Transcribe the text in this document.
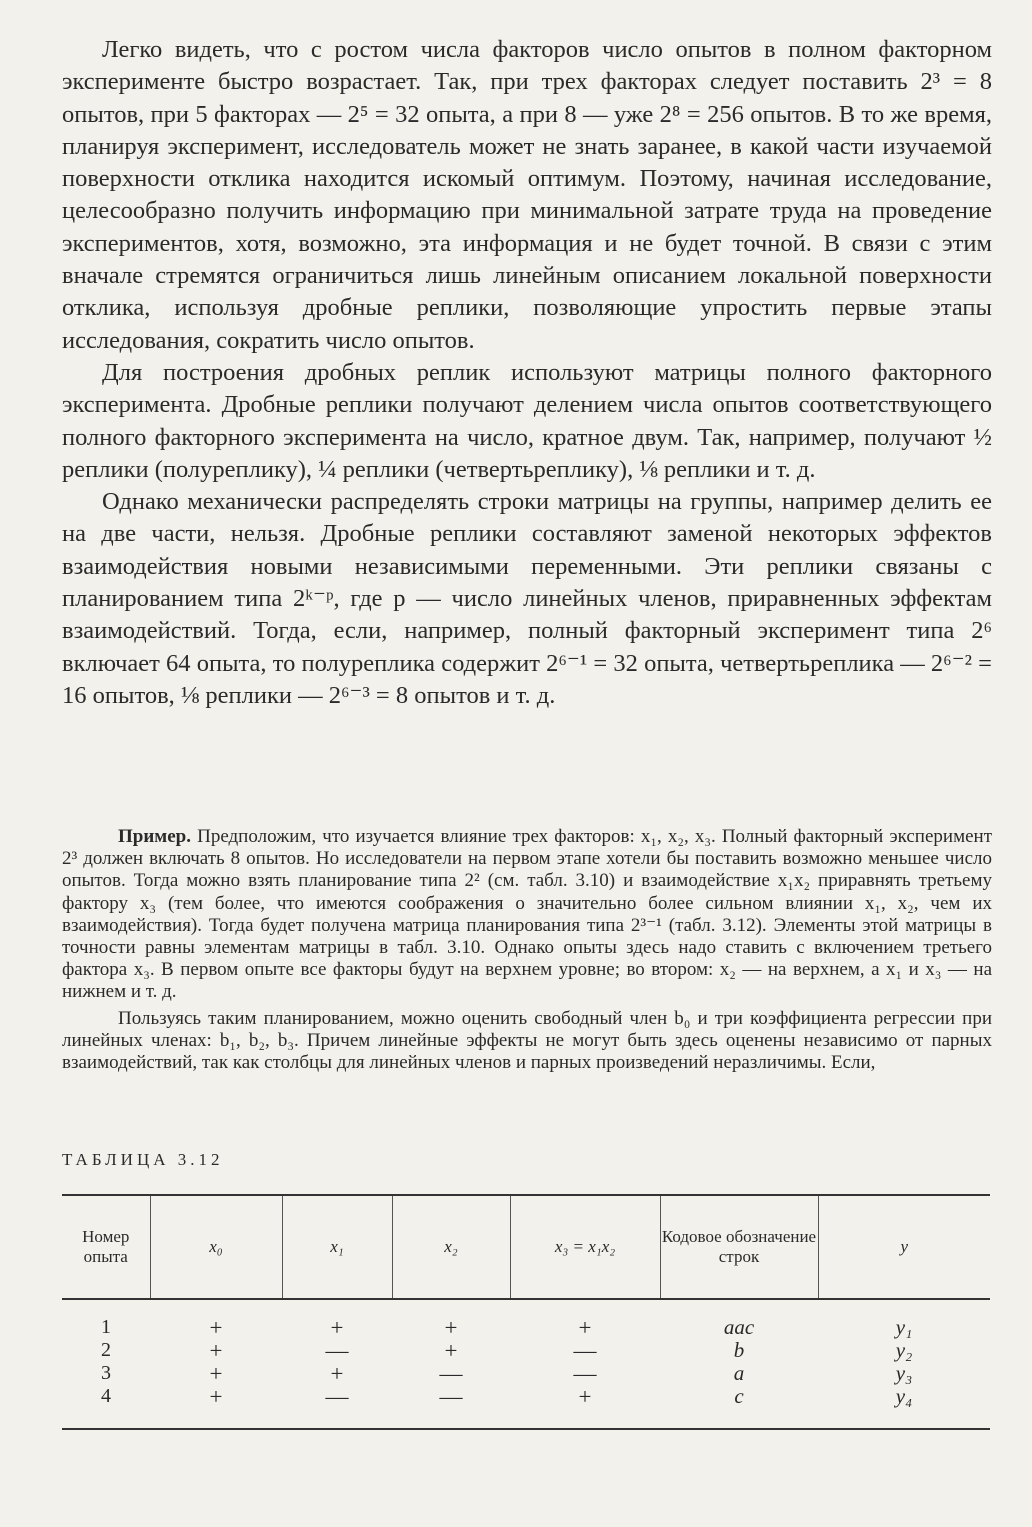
Легко видеть, что с ростом числа факторов число опытов в полном факторном эксперименте быстро возрастает. Так, при трех факторах следует поставить 2³ = 8 опытов, при 5 факторах — 2⁵ = 32 опыта, а при 8 — уже 2⁸ = 256 опытов. В то же время, планируя эксперимент, исследователь может не знать заранее, в какой части изучаемой поверхности отклика находится искомый оптимум. Поэтому, начиная исследование, целесообразно получить информацию при минимальной затрате труда на проведение экспериментов, хотя, возможно, эта информация и не будет точной. В связи с этим вначале стремятся ограничиться лишь линейным описанием локальной поверхности отклика, используя дробные реплики, позволяющие упростить первые этапы исследования, сократить число опытов.

Для построения дробных реплик используют матрицы полного факторного эксперимента. Дробные реплики получают делением числа опытов соответствующего полного факторного эксперимента на число, кратное двум. Так, например, получают ½ реплики (полуреплику), ¼ реплики (четвертьреплику), ⅛ реплики и т. д.

Однако механически распределять строки матрицы на группы, например делить ее на две части, нельзя. Дробные реплики составляют заменой некоторых эффектов взаимодействия новыми независимыми переменными. Эти реплики связаны с планированием типа 2ᵏ⁻ᵖ, где p — число линейных членов, приравненных эффектам взаимодействий. Тогда, если, например, полный факторный эксперимент типа 2⁶ включает 64 опыта, то полуреплика содержит 2⁶⁻¹ = 32 опыта, четвертьреплика — 2⁶⁻² = 16 опытов, ⅛ реплики — 2⁶⁻³ = 8 опытов и т. д.

Пример. Предположим, что изучается влияние трех факторов: x₁, x₂, x₃. Полный факторный эксперимент 2³ должен включать 8 опытов. Но исследователи на первом этапе хотели бы поставить возможно меньшее число опытов. Тогда можно взять планирование типа 2² (см. табл. 3.10) и взаимодействие x₁x₂ приравнять третьему фактору x₃ (тем более, что имеются соображения о значительно более сильном влиянии x₁, x₂, чем их взаимодействия). Тогда будет получена матрица планирования типа 2³⁻¹ (табл. 3.12). Элементы этой матрицы в точности равны элементам матрицы в табл. 3.10. Однако опыты здесь надо ставить с включением третьего фактора x₃. В первом опыте все факторы будут на верхнем уровне; во втором: x₂ — на верхнем, а x₁ и x₃ — на нижнем и т. д.

Пользуясь таким планированием, можно оценить свободный член b₀ и три коэффициента регрессии при линейных членах: b₁, b₂, b₃. Причем линейные эффекты не могут быть здесь оценены независимо от парных взаимодействий, так как столбцы для линейных членов и парных произведений неразличимы. Если,

ТАБЛИЦА 3.12
Номер опыта	x₀	x₁	x₂	x₃ = x₁x₂	Кодовое обозначение строк	y
1	+	+	+	+	aac	y₁
2	+	—	+	—	b	y₂
3	+	+	—	—	a	y₃
4	+	—	—	+	c	y₄
